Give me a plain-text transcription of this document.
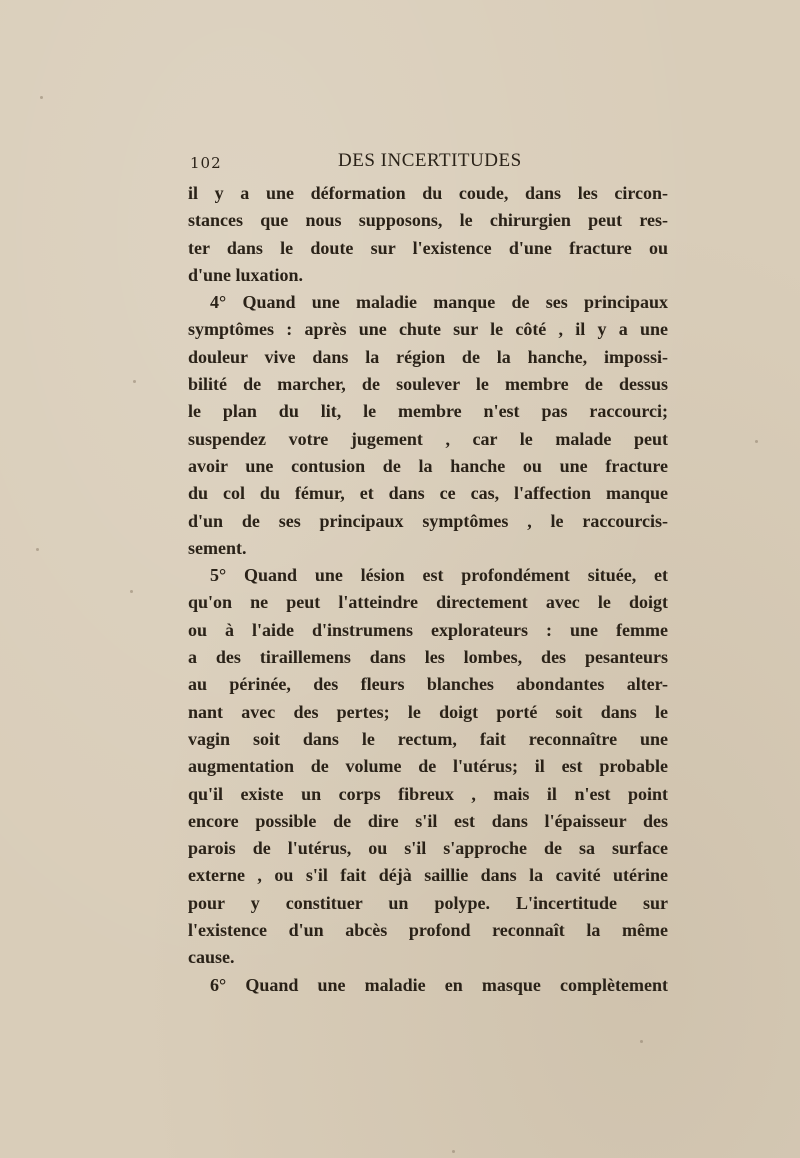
102	DES INCERTITUDES
il y a une déformation du coude, dans les circon-
stances que nous supposons, le chirurgien peut res-
ter dans le doute sur l'existence d'une fracture ou
d'une luxation.
4° Quand une maladie manque de ses principaux
symptômes : après une chute sur le côté , il y a une
douleur vive dans la région de la hanche, impossi-
bilité de marcher, de soulever le membre de dessus
le plan du lit, le membre n'est pas raccourci;
suspendez votre jugement , car le malade peut
avoir une contusion de la hanche ou une fracture
du col du fémur, et dans ce cas, l'affection manque
d'un de ses principaux symptômes , le raccourcis-
sement.
5° Quand une lésion est profondément située, et
qu'on ne peut l'atteindre directement avec le doigt
ou à l'aide d'instrumens explorateurs : une femme
a des tiraillemens dans les lombes, des pesanteurs
au périnée, des fleurs blanches abondantes alter-
nant avec des pertes; le doigt porté soit dans le
vagin soit dans le rectum, fait reconnaître une
augmentation de volume de l'utérus; il est probable
qu'il existe un corps fibreux , mais il n'est point
encore possible de dire s'il est dans l'épaisseur des
parois de l'utérus, ou s'il s'approche de sa surface
externe , ou s'il fait déjà saillie dans la cavité utérine
pour y constituer un polype. L'incertitude sur
l'existence d'un abcès profond reconnaît la même
cause.
6° Quand une maladie en masque complètement
